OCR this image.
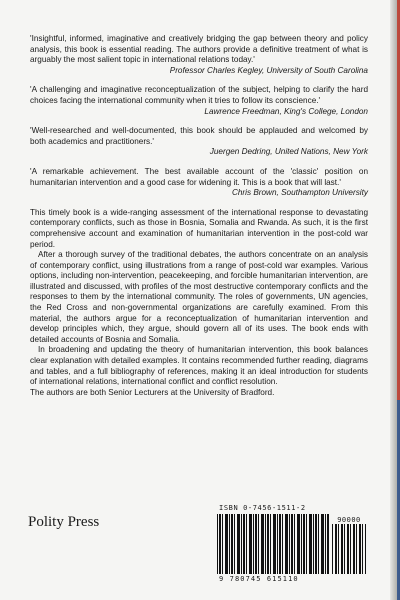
'Insightful, informed, imaginative and creatively bridging the gap between theory and policy analysis, this book is essential reading. The authors provide a definitive treatment of what is arguably the most salient topic in international relations today.'

Professor Charles Kegley, University of South Carolina

'A challenging and imaginative reconceptualization of the subject, helping to clarify the hard choices facing the international community when it tries to follow its conscience.'

Lawrence Freedman, King's College, London

'Well-researched and well-documented, this book should be applauded and welcomed by both academics and practitioners.'

Juergen Dedring, United Nations, New York

'A remarkable achievement. The best available account of the 'classic' position on humanitarian intervention and a good case for widening it. This is a book that will last.'

Chris Brown, Southampton University

This timely book is a wide-ranging assessment of the international response to devastating contemporary conflicts, such as those in Bosnia, Somalia and Rwanda. As such, it is the first comprehensive account and examination of humanitarian intervention in the post-cold war period.

After a thorough survey of the traditional debates, the authors concentrate on an analysis of contemporary conflict, using illustrations from a range of post-cold war examples. Various options, including non-intervention, peacekeeping, and forcible humanitarian intervention, are illustrated and discussed, with profiles of the most destructive contemporary conflicts and the responses to them by the international community. The roles of governments, UN agencies, the Red Cross and non-governmental organizations are carefully examined. From this material, the authors argue for a reconceptualization of humanitarian intervention and develop principles which, they argue, should govern all of its uses. The book ends with detailed accounts of Bosnia and Somalia.

In broadening and updating the theory of humanitarian intervention, this book balances clear explanation with detailed examples. It contains recommended further reading, diagrams and tables, and a full bibliography of references, making it an ideal introduction for students of international relations, international conflict and conflict resolution.

The authors are both Senior Lecturers at the University of Bradford.

Polity Press
ISBN 0-7456-1511-2
90000
9 780745 615110
